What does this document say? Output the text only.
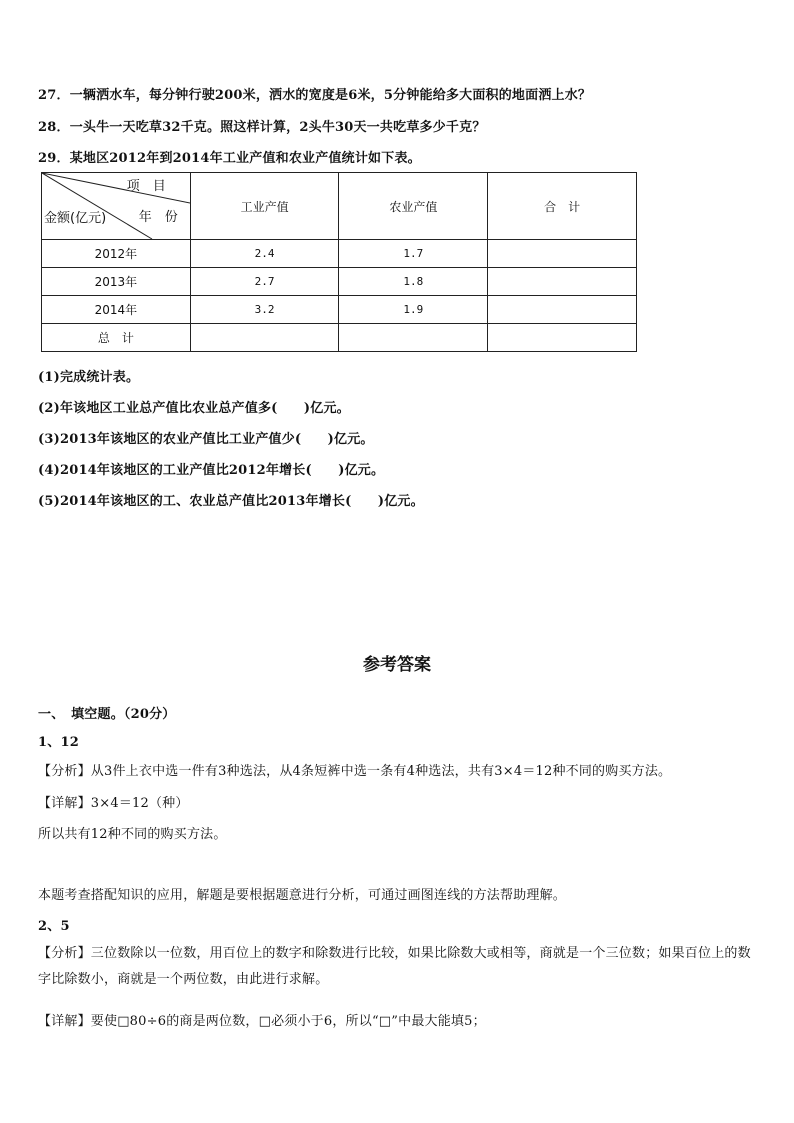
27．一辆洒水车，每分钟行驶200米，洒水的宽度是6米，5分钟能给多大面积的地面洒上水？
28．一头牛一天吃草32千克。照这样计算，2头牛30天一共吃草多少千克？
29．某地区2012年到2014年工业产值和农业产值统计如下表。
项　目
年　份
金额(亿元)	工业产值	农业产值	合　计
2012年	2.4	1.7	
2013年	2.7	1.8	
2014年	3.2	1.9	
总　计			
(1)完成统计表。
(2)年该地区工业总产值比农业总产值多(　　)亿元。
(3)2013年该地区的农业产值比工业产值少(　　)亿元。
(4)2014年该地区的工业产值比2012年增长(　　)亿元。
(5)2014年该地区的工、农业总产值比2013年增长(　　)亿元。
参考答案
一、　填空题。（20分）
1、12
【分析】从3件上衣中选一件有3种选法，从4条短裤中选一条有4种选法，共有3×4＝12种不同的购买方法。
【详解】3×4＝12（种）
所以共有12种不同的购买方法。
本题考查搭配知识的应用，解题是要根据题意进行分析，可通过画图连线的方法帮助理解。
2、5
【分析】三位数除以一位数，用百位上的数字和除数进行比较，如果比除数大或相等，商就是一个三位数；如果百位上的数字比除数小，商就是一个两位数，由此进行求解。
【详解】要使□80÷6的商是两位数，□必须小于6，所以“□”中最大能填5；
